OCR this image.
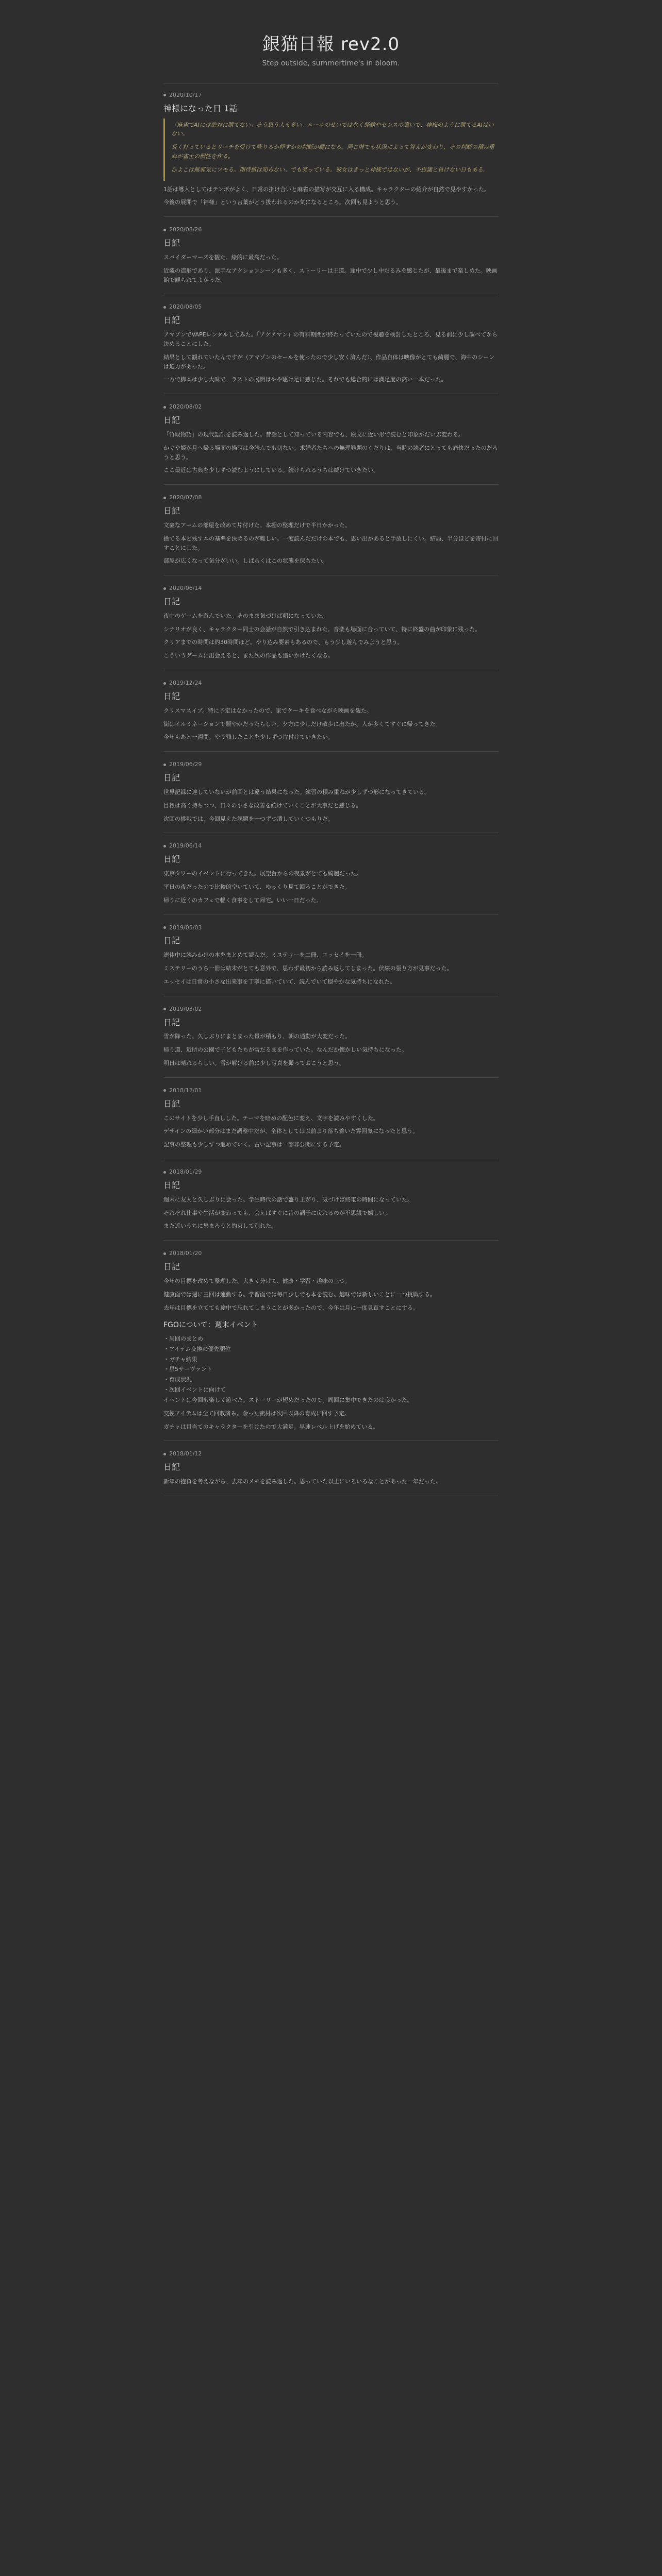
銀猫日報 rev2.0
Step outside, summertime's in bloom.
2020/10/17
神様になった日 1話

「麻雀でAIには絶対に勝てない」そう思う人も多い。ルールのせいではなく経験やセンスの違いで、神様のように勝てるAIはいない。

長く打っているとリーチを受けて降りるか押すかの判断が鍵になる。同じ牌でも状況によって答えが変わり、その判断の積み重ねが雀士の個性を作る。

ひよこは無邪気にツモる。期待値は知らない。でも笑っている。彼女はきっと神様ではないが、不思議と負けない日もある。

1話は導入としてはテンポがよく、日常の掛け合いと麻雀の描写が交互に入る構成。キャラクターの紹介が自然で見やすかった。

今後の展開で「神様」という言葉がどう扱われるのか気になるところ。次回も見ようと思う。

2020/08/26
日記

スパイダーマーズを観た。絵的に最高だった。

近畿の造形であり、派手なアクションシーンも多く、ストーリーは王道。途中で少し中だるみを感じたが、最後まで楽しめた。映画館で観られてよかった。

2020/08/05
日記

アマゾンでVAPEレンタルしてみた。「アクアマン」の有料期間が終わっていたので視聴を検討したところ、見る前に少し調べてから決めることにした。

結果として観れていたんですが（アマゾンのセールを使ったので少し安く済んだ）、作品自体は映像がとても綺麗で、海中のシーンは迫力があった。

一方で脚本は少し大味で、ラストの展開はやや駆け足に感じた。それでも総合的には満足度の高い一本だった。

2020/08/02
日記

「竹取物語」の現代語訳を読み返した。昔話として知っている内容でも、原文に近い形で読むと印象がだいぶ変わる。

かぐや姫が月へ帰る場面の描写は今読んでも切ない。求婚者たちへの無理難題のくだりは、当時の読者にとっても痛快だったのだろうと思う。

ここ最近は古典を少しずつ読むようにしている。続けられるうちは続けていきたい。

2020/07/08
日記

文豪なアームの部屋を改めて片付けた。本棚の整理だけで半日かかった。

捨てる本と残す本の基準を決めるのが難しい。一度読んだだけの本でも、思い出があると手放しにくい。結局、半分ほどを寄付に回すことにした。

部屋が広くなって気分がいい。しばらくはこの状態を保ちたい。

2020/06/14
日記

夜中のゲームを遊んでいた。そのまま気づけば朝になっていた。

シナリオが良く、キャラクター同士の会話が自然で引き込まれた。音楽も場面に合っていて、特に終盤の曲が印象に残った。

クリアまでの時間は約30時間ほど。やり込み要素もあるので、もう少し遊んでみようと思う。

こういうゲームに出会えると、また次の作品も追いかけたくなる。

2019/12/24
日記

クリスマスイブ。特に予定はなかったので、家でケーキを食べながら映画を観た。

街はイルミネーションで賑やかだったらしい。夕方に少しだけ散歩に出たが、人が多くてすぐに帰ってきた。

今年もあと一週間。やり残したことを少しずつ片付けていきたい。

2019/06/29
日記

世界記録に達していないが前回とは違う結果になった。練習の積み重ねが少しずつ形になってきている。

目標は高く持ちつつ、日々の小さな改善を続けていくことが大事だと感じる。

次回の挑戦では、今回見えた課題を一つずつ潰していくつもりだ。

2019/06/14
日記

東京タワーのイベントに行ってきた。展望台からの夜景がとても綺麗だった。

平日の夜だったので比較的空いていて、ゆっくり見て回ることができた。

帰りに近くのカフェで軽く食事をして帰宅。いい一日だった。

2019/05/03
日記

連休中に読みかけの本をまとめて読んだ。ミステリーを二冊、エッセイを一冊。

ミステリーのうち一冊は結末がとても意外で、思わず最初から読み返してしまった。伏線の張り方が見事だった。

エッセイは日常の小さな出来事を丁寧に描いていて、読んでいて穏やかな気持ちになれた。

2019/03/02
日記

雪が降った。久しぶりにまとまった量が積もり、朝の通勤が大変だった。

帰り道、近所の公園で子どもたちが雪だるまを作っていた。なんだか懐かしい気持ちになった。

明日は晴れるらしい。雪が解ける前に少し写真を撮っておこうと思う。

2018/12/01
日記

このサイトを少し手直しした。テーマを暗めの配色に変え、文字を読みやすくした。

デザインの細かい部分はまだ調整中だが、全体としては以前より落ち着いた雰囲気になったと思う。

記事の整理も少しずつ進めていく。古い記事は一部非公開にする予定。

2018/01/29
日記

週末に友人と久しぶりに会った。学生時代の話で盛り上がり、気づけば終電の時間になっていた。

それぞれ仕事や生活が変わっても、会えばすぐに昔の調子に戻れるのが不思議で嬉しい。

また近いうちに集まろうと約束して別れた。

2018/01/20
日記

今年の目標を改めて整理した。大きく分けて、健康・学習・趣味の三つ。

健康面では週に三回は運動する。学習面では毎日少しでも本を読む。趣味では新しいことに一つ挑戦する。

去年は目標を立てても途中で忘れてしまうことが多かったので、今年は月に一度見直すことにする。

FGOについて：週末イベント
・周回のまとめ
・アイテム交換の優先順位
・ガチャ結果
・星5サーヴァント
・育成状況
・次回イベントに向けて

イベントは今回も楽しく遊べた。ストーリーが短めだったので、周回に集中できたのは良かった。

交換アイテムは全て回収済み。余った素材は次回以降の育成に回す予定。

ガチャは目当てのキャラクターを引けたので大満足。早速レベル上げを始めている。

2018/01/12
日記

新年の抱負を考えながら、去年のメモを読み返した。思っていた以上にいろいろなことがあった一年だった。
